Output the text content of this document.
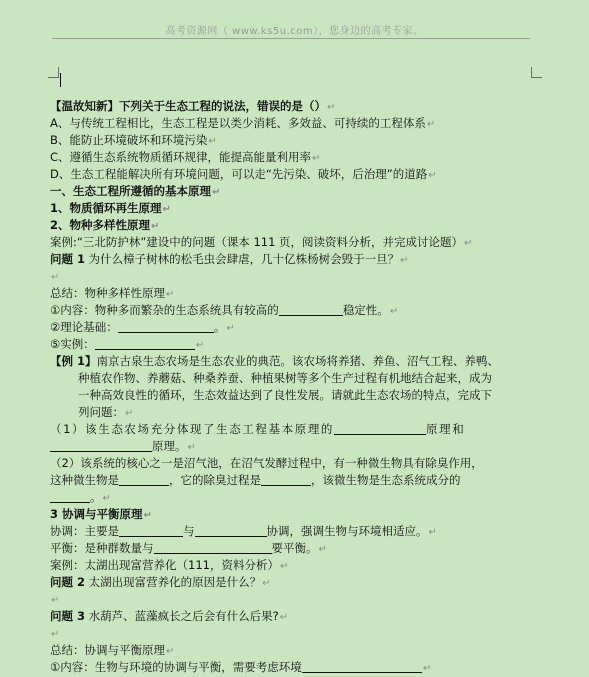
高考资源网（ www.ks5u.com），您身边的高考专家。
【温故知新】下列关于生态工程的说法，错误的是（）↵
A、与传统工程相比，生态工程是以类少消耗、多效益、可持续的工程体系↵
B、能防止环境破坏和环境污染↵
C、遵循生态系统物质循环规律，能提高能量利用率↵
D、生态工程能解决所有环境问题，可以走“先污染、破坏，后治理”的道路↵
一、生态工程所遵循的基本原理↵
1、物质循环再生原理↵
2、物种多样性原理↵
案例:“三北防护林”建设中的问题（课本 111 页，阅读资料分析，并完成讨论题）↵
问题 1 为什么樟子树林的松毛虫会肆虐，几十亿株杨树会毁于一旦？↵
↵
总结：物种多样性原理↵
①内容：物种多而繁杂的生态系统具有较高的	稳定性。↵
②理论基础：	。↵
⑤实例：	↵
【例 1】南京古泉生态农场是生态农业的典范。该农场将养猪、养鱼、沼气工程、养鸭、
种植农作物、养蘑菇、种桑养蚕、种植果树等多个生产过程有机地结合起来，成为
一种高效良性的循环，生态效益达到了良性发展。请就此生态农场的特点，完成下
列问题：↵
（1）该生态农场充分体现了生态工程基本原理的	原理和
原理。↵
（2）该系统的核心之一是沼气池，在沼气发酵过程中，有一种微生物具有除臭作用，
这种微生物是	，它的除臭过程是	，该微生物是生态系统成分的
。↵
3 协调与平衡原理↵
协调：主要是	与	协调，强调生物与环境相适应。↵
平衡：是种群数量与	要平衡。↵
案例：太湖出现富营养化（111，资料分析）↵
问题 2 太湖出现富营养化的原因是什么？↵
↵
问题 3 水葫芦、蓝藻疯长之后会有什么后果?↵
↵
总结：协调与平衡原理↵
①内容：生物与环境的协调与平衡，需要考虑环境	↵
